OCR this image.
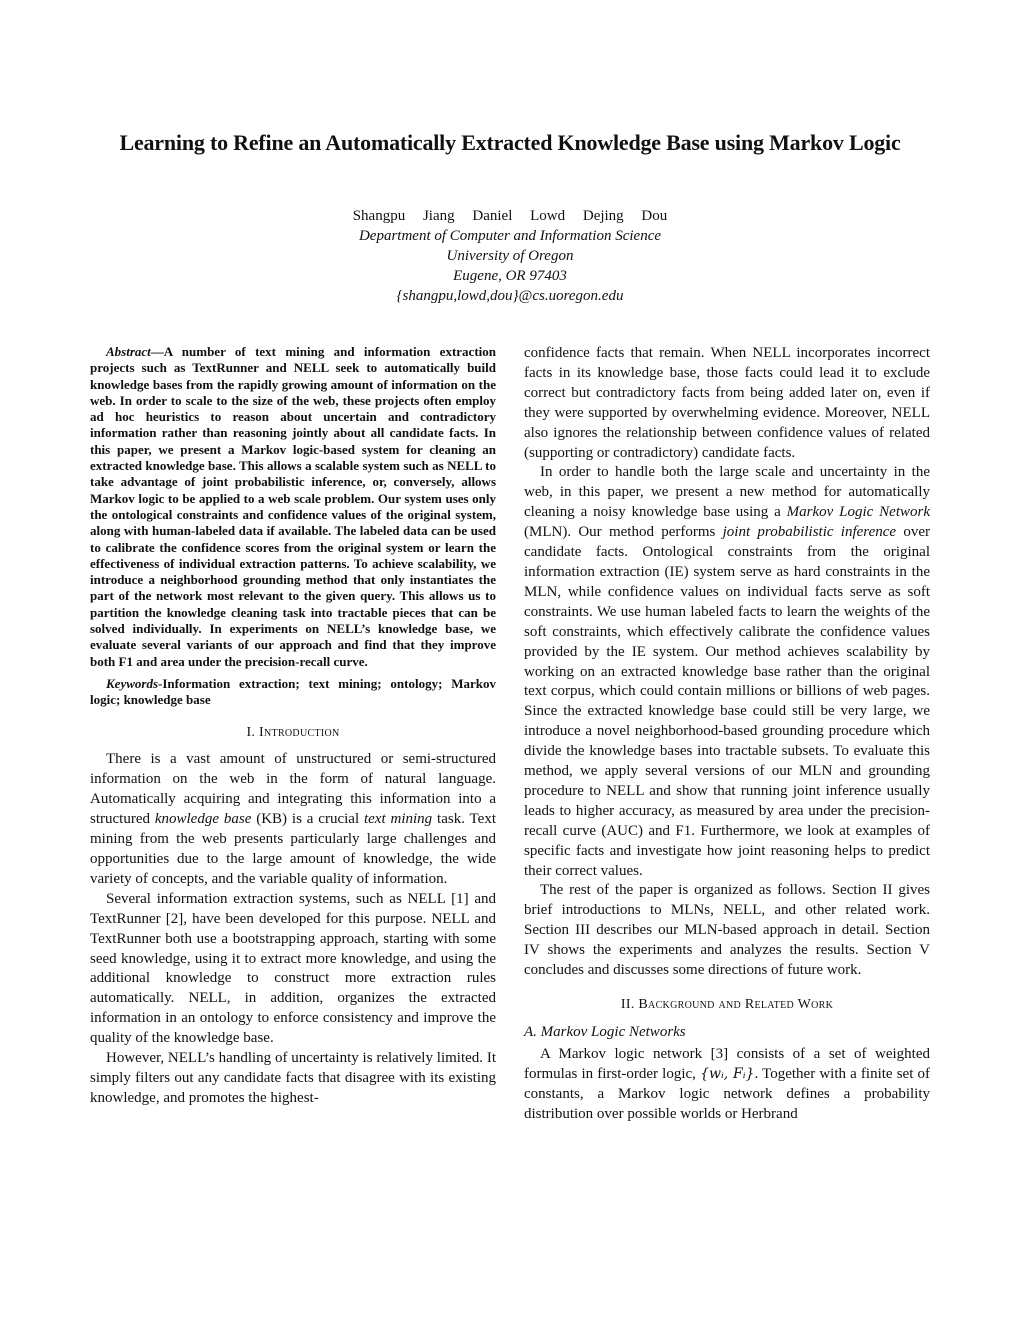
Learning to Refine an Automatically Extracted Knowledge Base using Markov Logic
Shangpu Jiang Daniel Lowd Dejing Dou
Department of Computer and Information Science
University of Oregon
Eugene, OR 97403
{shangpu,lowd,dou}@cs.uoregon.edu

Abstract—A number of text mining and information extraction projects such as TextRunner and NELL seek to automatically build knowledge bases from the rapidly growing amount of information on the web. In order to scale to the size of the web, these projects often employ ad hoc heuristics to reason about uncertain and contradictory information rather than reasoning jointly about all candidate facts. In this paper, we present a Markov logic-based system for cleaning an extracted knowledge base. This allows a scalable system such as NELL to take advantage of joint probabilistic inference, or, conversely, allows Markov logic to be applied to a web scale problem. Our system uses only the ontological constraints and confidence values of the original system, along with human-labeled data if available. The labeled data can be used to calibrate the confidence scores from the original system or learn the effectiveness of individual extraction patterns. To achieve scalability, we introduce a neighborhood grounding method that only instantiates the part of the network most relevant to the given query. This allows us to partition the knowledge cleaning task into tractable pieces that can be solved individually. In experiments on NELL’s knowledge base, we evaluate several variants of our approach and find that they improve both F1 and area under the precision-recall curve.

Keywords-Information extraction; text mining; ontology; Markov logic; knowledge base

I. Introduction

There is a vast amount of unstructured or semi-structured information on the web in the form of natural language. Automatically acquiring and integrating this information into a structured knowledge base (KB) is a crucial text mining task. Text mining from the web presents particularly large challenges and opportunities due to the large amount of knowledge, the wide variety of concepts, and the variable quality of information.

Several information extraction systems, such as NELL [1] and TextRunner [2], have been developed for this purpose. NELL and TextRunner both use a bootstrapping approach, starting with some seed knowledge, using it to extract more knowledge, and using the additional knowledge to construct more extraction rules automatically. NELL, in addition, organizes the extracted information in an ontology to enforce consistency and improve the quality of the knowledge base.

However, NELL’s handling of uncertainty is relatively limited. It simply filters out any candidate facts that disagree with its existing knowledge, and promotes the highest-

confidence facts that remain. When NELL incorporates incorrect facts in its knowledge base, those facts could lead it to exclude correct but contradictory facts from being added later on, even if they were supported by overwhelming evidence. Moreover, NELL also ignores the relationship between confidence values of related (supporting or contradictory) candidate facts.

In order to handle both the large scale and uncertainty in the web, in this paper, we present a new method for automatically cleaning a noisy knowledge base using a Markov Logic Network (MLN). Our method performs joint probabilistic inference over candidate facts. Ontological constraints from the original information extraction (IE) system serve as hard constraints in the MLN, while confidence values on individual facts serve as soft constraints. We use human labeled facts to learn the weights of the soft constraints, which effectively calibrate the confidence values provided by the IE system. Our method achieves scalability by working on an extracted knowledge base rather than the original text corpus, which could contain millions or billions of web pages. Since the extracted knowledge base could still be very large, we introduce a novel neighborhood-based grounding procedure which divide the knowledge bases into tractable subsets. To evaluate this method, we apply several versions of our MLN and grounding procedure to NELL and show that running joint inference usually leads to higher accuracy, as measured by area under the precision-recall curve (AUC) and F1. Furthermore, we look at examples of specific facts and investigate how joint reasoning helps to predict their correct values.

The rest of the paper is organized as follows. Section II gives brief introductions to MLNs, NELL, and other related work. Section III describes our MLN-based approach in detail. Section IV shows the experiments and analyzes the results. Section V concludes and discusses some directions of future work.

II. Background and Related Work
A. Markov Logic Networks

A Markov logic network [3] consists of a set of weighted formulas in first-order logic, {wᵢ, Fᵢ}. Together with a finite set of constants, a Markov logic network defines a probability distribution over possible worlds or Herbrand
